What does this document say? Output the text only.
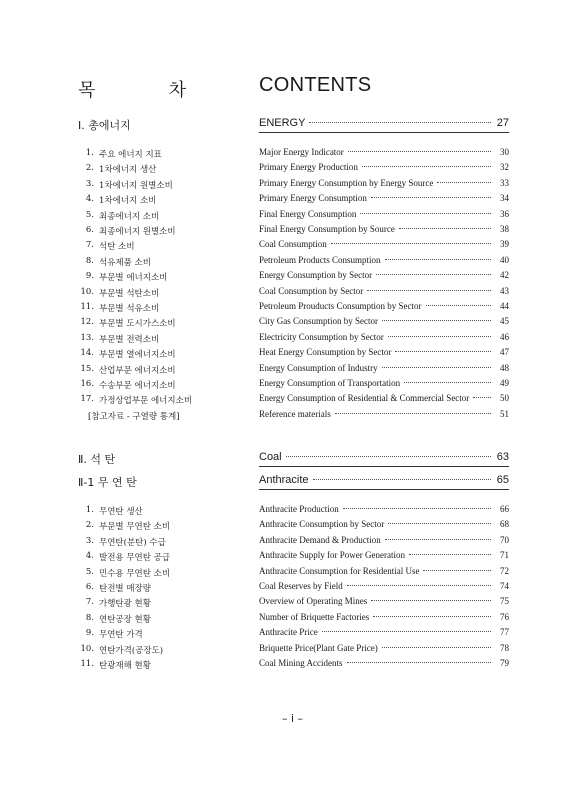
목	차	CONTENTS
Ⅰ. 총에너지	ENERGY	27
1. 주요 에너지 지표	Major Energy Indicator	30
2. 1차에너지 생산	Primary Energy Production	32
3. 1차에너지 원별소비	Primary Energy Consumption by Energy Source	33
4. 1차에너지 소비	Primary Energy Consumption	34
5. 최종에너지 소비	Final Energy Consumption	36
6. 최종에너지 원별소비	Final Energy Consumption by Source	38
7. 석탄 소비	Coal Consumption	39
8. 석유제품 소비	Petroleum Products Consumption	40
9. 부문별 에너지소비	Energy Consumption by Sector	42
10. 부문별 석탄소비	Coal Consumption by Sector	43
11. 부문별 석유소비	Petroleum Prouducts Consumption by Sector	44
12. 부문별 도시가스소비	City Gas Consumption by Sector	45
13. 부문별 전력소비	Electricity Consumption by Sector	46
14. 부문별 열에너지소비	Heat Energy Consumption by Sector	47
15. 산업부문 에너지소비	Energy Consumption of Industry	48
16. 수송부문 에너지소비	Energy Consumption of Transportation	49
17. 가정상업부문 에너지소비	Energy Consumption of Residential & Commercial Sector	50
[참고자료 - 구열량 통계]	Reference materials	51
Ⅱ. 석 탄	Coal	63
Ⅱ-1 무 연 탄	Anthracite	65
1. 무연탄 생산	Anthracite Production	66
2. 부문별 무연탄 소비	Anthracite Consumption by Sector	68
3. 무연탄(분탄) 수급	Anthracite Demand & Production	70
4. 발전용 무연탄 공급	Anthracite Supply for Power Generation	71
5. 민수용 무연탄 소비	Anthracite Consumption for Residential Use	72
6. 탄전별 매장량	Coal Reserves by Field	74
7. 가행탄광 현황	Overview of Operating Mines	75
8. 연탄공장 현황	Number of Briquette Factories	76
9. 무연탄 가격	Anthracite Price	77
10. 연탄가격(공장도)	Briquette Price(Plant Gate Price)	78
11. 탄광재해 현황	Coal Mining Accidents	79
– i –
